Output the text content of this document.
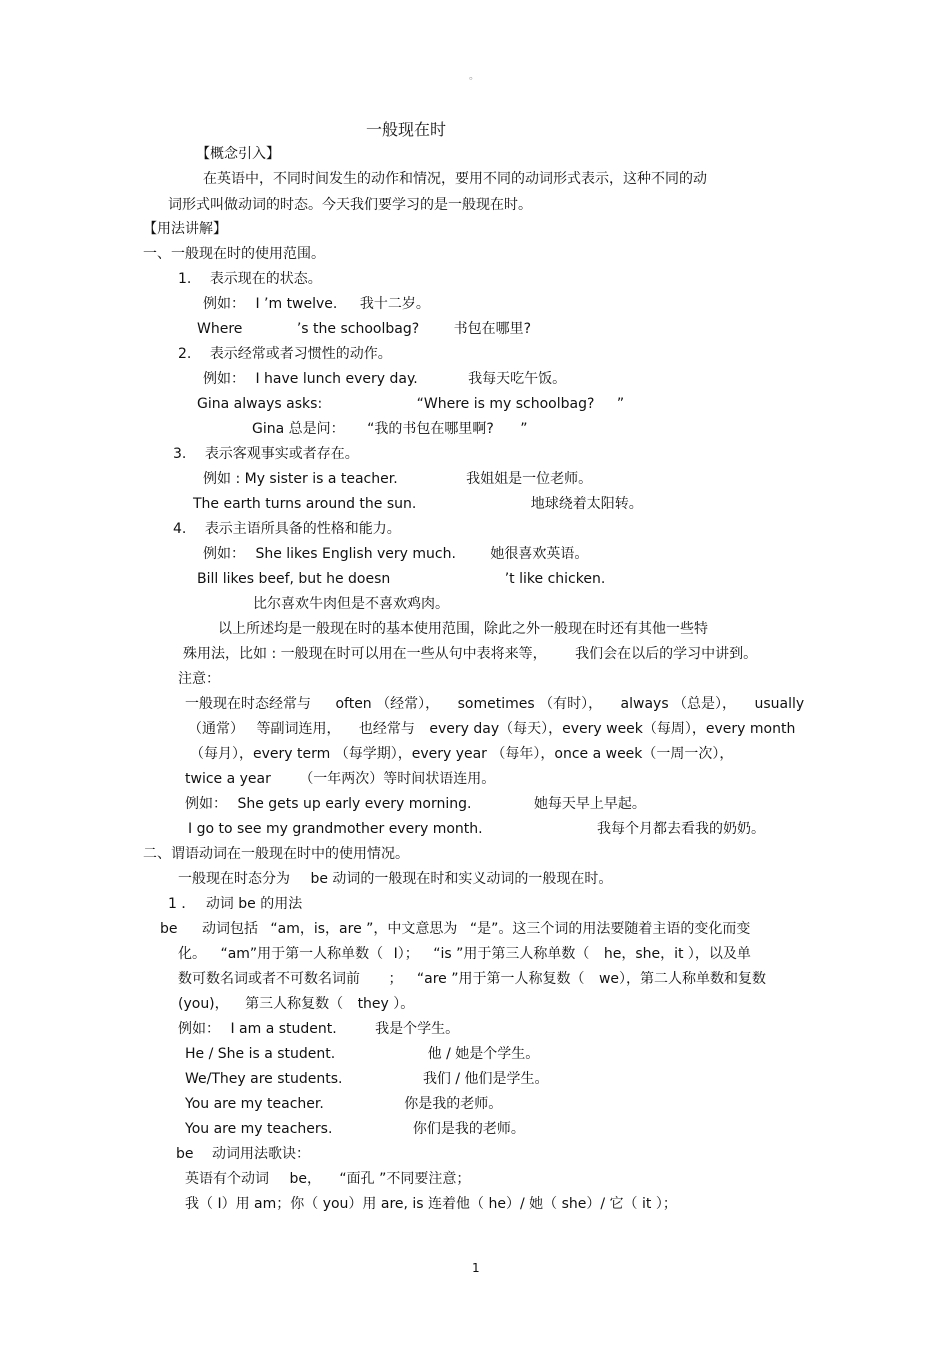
。
一般现在时
【概念引入】
在英语中，不同时间发生的动作和情况，要用不同的动词形式表示，这种不同的动
词形式叫做动词的时态。今天我们要学习的是一般现在时。
【用法讲解】
一、一般现在时的使用范围。
1. 表示现在的状态。
例如： I ’m twelve. 我十二岁。
Where	’s the schoolbag? 书包在哪里?
2. 表示经常或者习惯性的动作。
例如： I have lunch every day.	我每天吃午饭。
Gina always asks:	“Where is my schoolbag? ”
Gina 总是问： “我的书包在哪里啊? ”
3. 表示客观事实或者存在。
例如 : My sister is a teacher.	我姐姐是一位老师。
The earth turns around the sun.	地球绕着太阳转。
4. 表示主语所具备的性格和能力。
例如： She likes English very much. 她很喜欢英语。
Bill likes beef, but he doesn	’t like chicken.
比尔喜欢牛肉但是不喜欢鸡肉。
以上所述均是一般现在时的基本使用范围，除此之外一般现在时还有其他一些特
殊用法，比如 : 一般现在时可以用在一些从句中表将来等， 我们会在以后的学习中讲到。
注意：
一般现在时态经常与 often （经常）， sometimes （有时）， always （总是）， usually
（通常） 等副词连用， 也经常与 every day（每天），every week（每周），every month
（每月），every term （每学期），every year （每年），once a week（一周一次），
twice a year （一年两次）等时间状语连用。
例如： She gets up early every morning.	她每天早上早起。
I go to see my grandmother every month.	我每个月都去看我的奶奶。
二、谓语动词在一般现在时中的使用情况。
一般现在时态分为 be 动词的一般现在时和实义动词的一般现在时。
1 ． 动词 be 的用法
be 动词包括 “am，is，are ”，中文意思为 “是”。这三个词的用法要随着主语的变化而变
化。 “am”用于第一人称单数（ I）； “is ”用于第三人称单数（ he，she，it ），以及单
数可数名词或者不可数名词前 ； “are ”用于第一人称复数（ we），第二人称单数和复数
(you)， 第三人称复数（ they ）。
例如： I am a student.	我是个学生。
He / She is a student.	他 / 她是个学生。
We/They are students.	我们 / 他们是学生。
You are my teacher.	你是我的老师。
You are my teachers.	你们是我的老师。
be 动词用法歌诀：
英语有个动词 be， “面孔 ”不同要注意；
我（ I）用 am；你（ you）用 are, is 连着他（ he）/ 她（ she）/ 它（ it ）；
1
